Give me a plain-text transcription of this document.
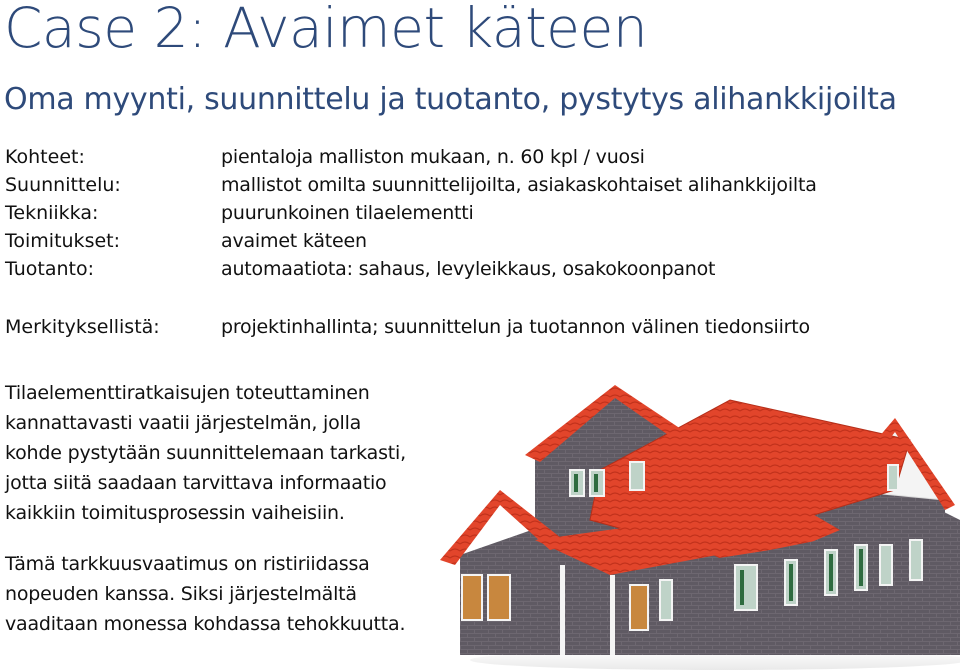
Case 2: Avaimet käteen
Oma myynti, suunnittelu ja tuotanto, pystytys alihankkijoilta
Kohteet:	pientaloja malliston mukaan, n. 60 kpl / vuosi
Suunnittelu:	mallistot omilta suunnittelijoilta, asiakaskohtaiset alihankkijoilta
Tekniikka:	puurunkoinen tilaelementti
Toimitukset:	avaimet käteen
Tuotanto:	automaatiota: sahaus, levyleikkaus, osakokoonpanot
Merkityksellistä:	projektinhallinta; suunnittelun ja tuotannon välinen tiedonsiirto
Tilaelementtiratkaisujen toteuttaminen
kannattavasti vaatii järjestelmän, jolla
kohde pystytään suunnittelemaan tarkasti,
jotta siitä saadaan tarvittava informaatio
kaikkiin toimitusprosessin vaiheisiin.
Tämä tarkkuusvaatimus on ristiriidassa
nopeuden kanssa. Siksi järjestelmältä
vaaditaan monessa kohdassa tehokkuutta.
